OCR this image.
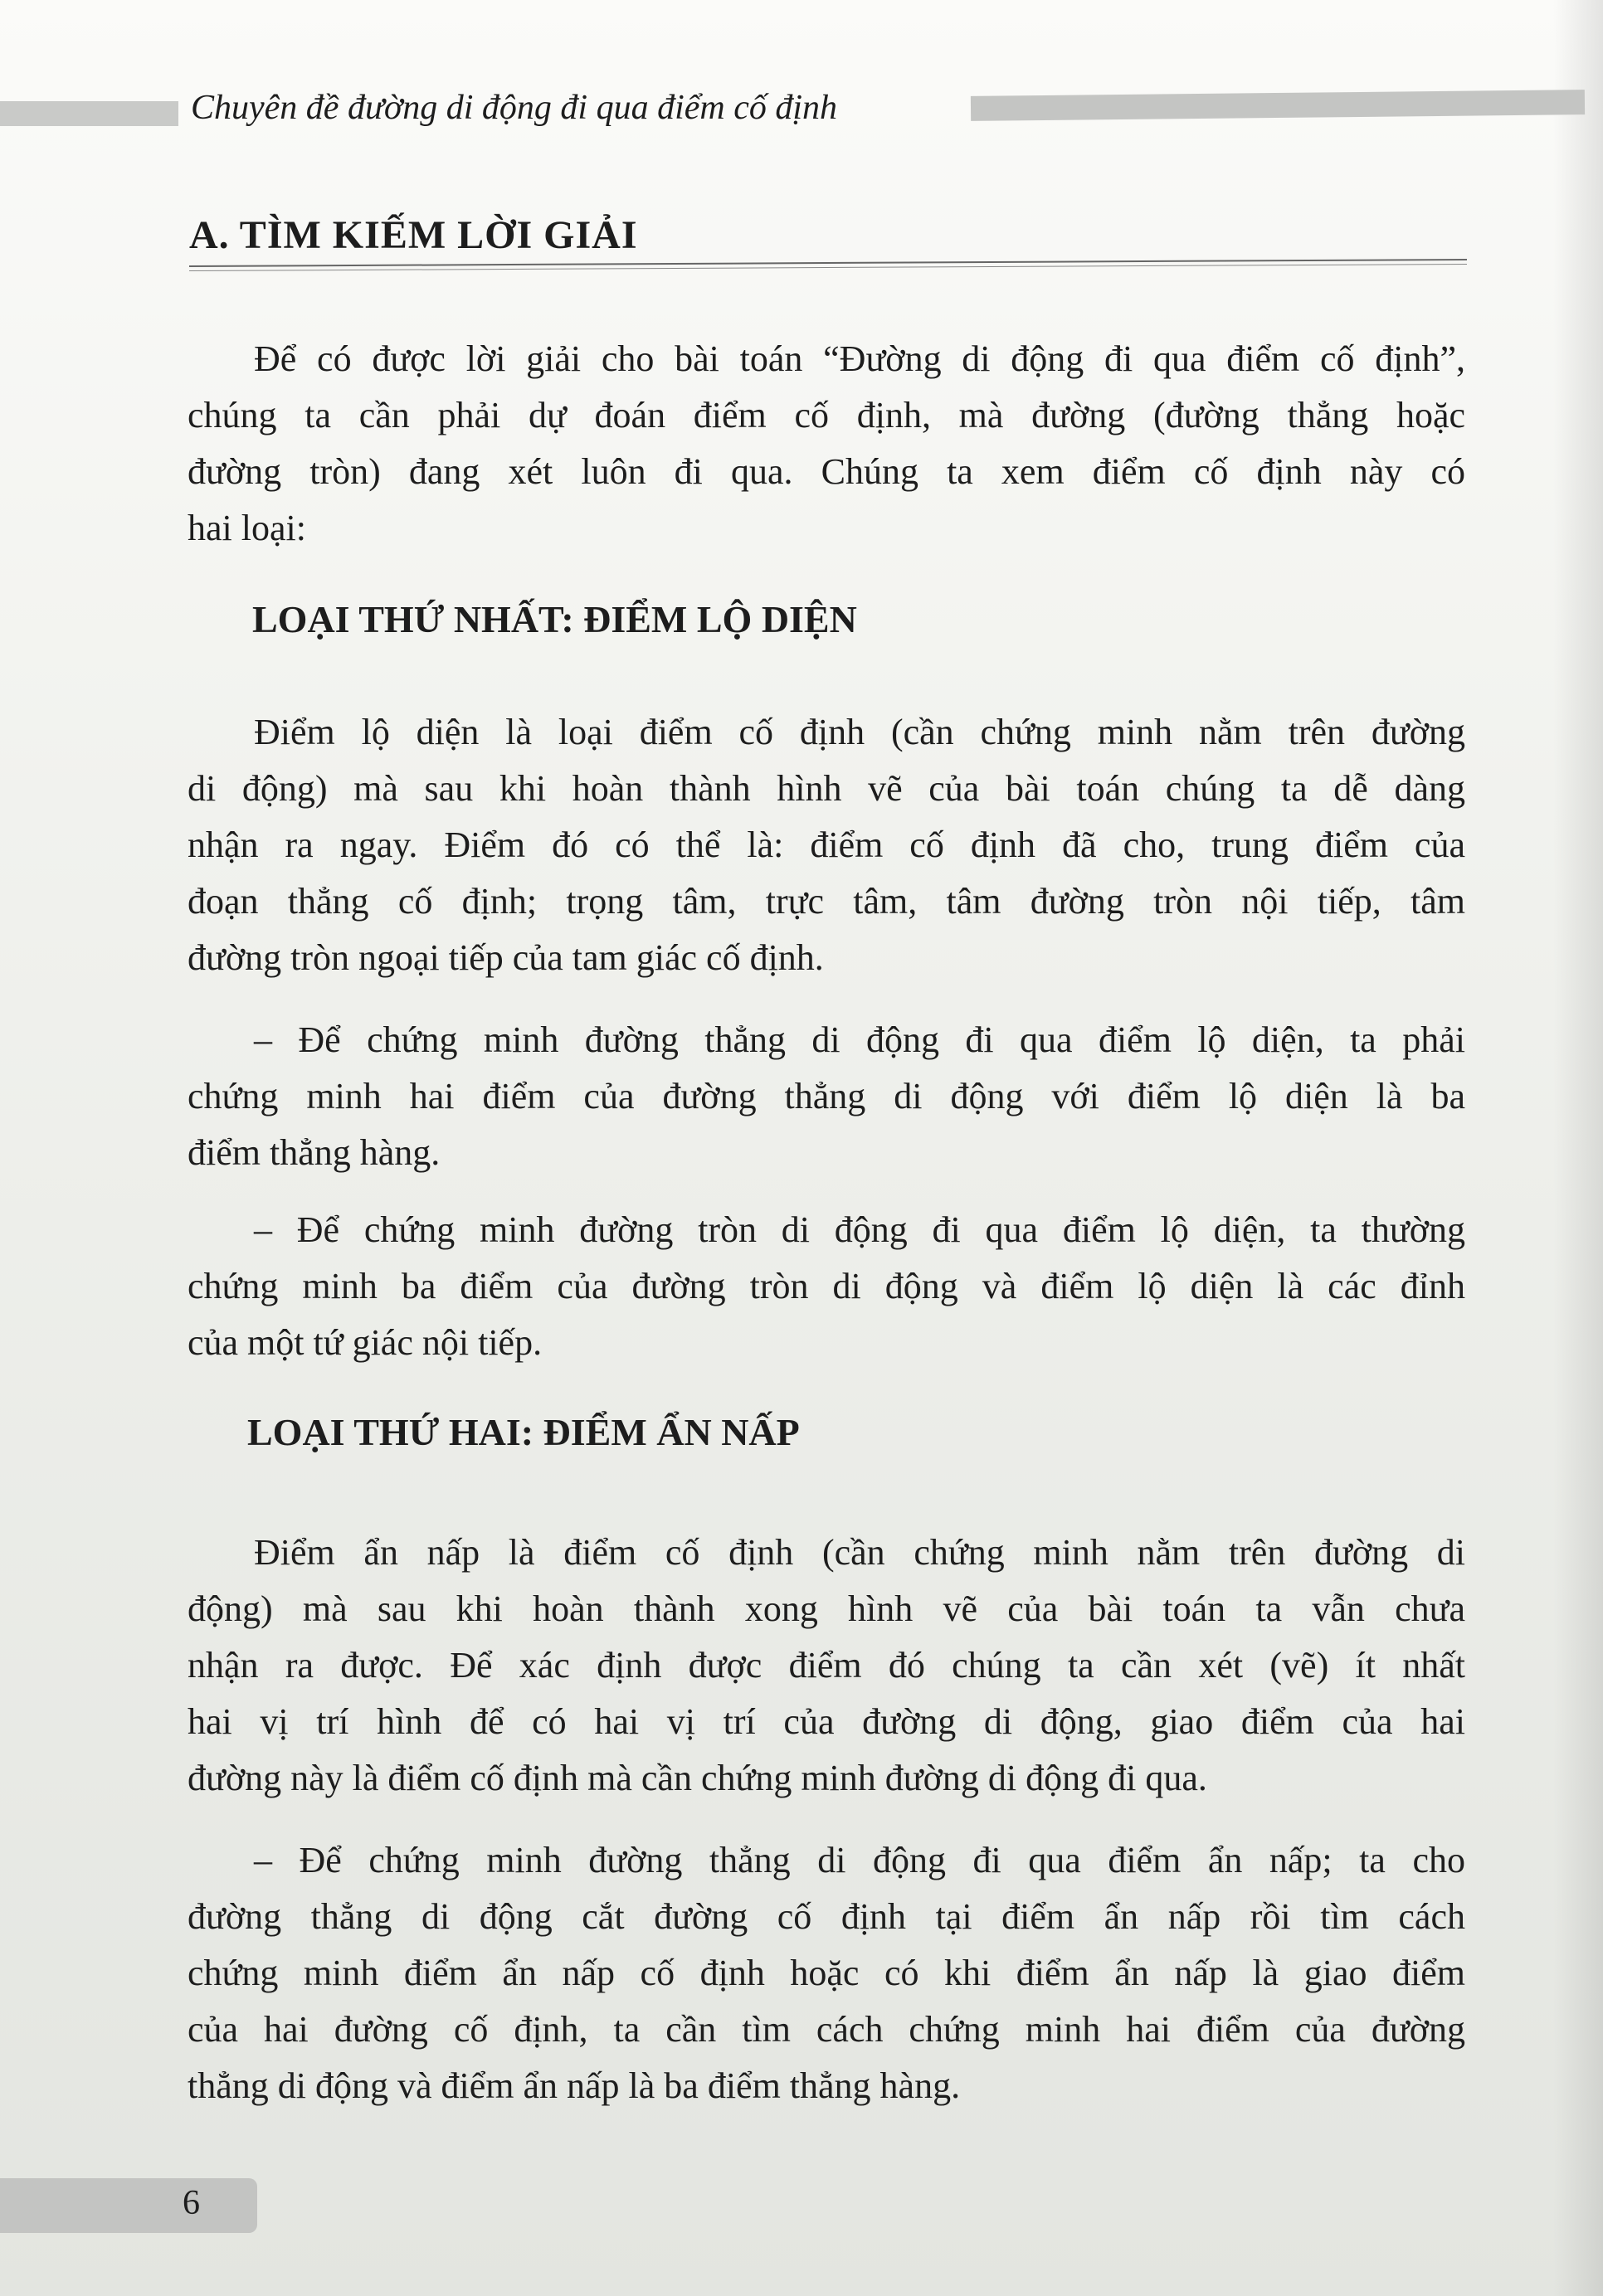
Chuyên đề đường di động đi qua điểm cố định
A. TÌM KIẾM LỜI GIẢI
Để có được lời giải cho bài toán “Đường di động đi qua điểm cố định”,
chúng ta cần phải dự đoán điểm cố định, mà đường (đường thẳng hoặc
đường tròn) đang xét luôn đi qua. Chúng ta xem điểm cố định này có
hai loại:
LOẠI THỨ NHẤT: ĐIỂM LỘ DIỆN
Điểm lộ diện là loại điểm cố định (cần chứng minh nằm trên đường
di động) mà sau khi hoàn thành hình vẽ của bài toán chúng ta dễ dàng
nhận ra ngay. Điểm đó có thể là: điểm cố định đã cho, trung điểm của
đoạn thẳng cố định; trọng tâm, trực tâm, tâm đường tròn nội tiếp, tâm
đường tròn ngoại tiếp của tam giác cố định.
– Để chứng minh đường thẳng di động đi qua điểm lộ diện, ta phải
chứng minh hai điểm của đường thẳng di động với điểm lộ diện là ba
điểm thẳng hàng.
– Để chứng minh đường tròn di động đi qua điểm lộ diện, ta thường
chứng minh ba điểm của đường tròn di động và điểm lộ diện là các đỉnh
của một tứ giác nội tiếp.
LOẠI THỨ HAI: ĐIỂM ẨN NẤP
Điểm ẩn nấp là điểm cố định (cần chứng minh nằm trên đường di
động) mà sau khi hoàn thành xong hình vẽ của bài toán ta vẫn chưa
nhận ra được. Để xác định được điểm đó chúng ta cần xét (vẽ) ít nhất
hai vị trí hình để có hai vị trí của đường di động, giao điểm của hai
đường này là điểm cố định mà cần chứng minh đường di động đi qua.
– Để chứng minh đường thẳng di động đi qua điểm ẩn nấp; ta cho
đường thẳng di động cắt đường cố định tại điểm ẩn nấp rồi tìm cách
chứng minh điểm ẩn nấp cố định hoặc có khi điểm ẩn nấp là giao điểm
của hai đường cố định, ta cần tìm cách chứng minh hai điểm của đường
thẳng di động và điểm ẩn nấp là ba điểm thẳng hàng.
6
